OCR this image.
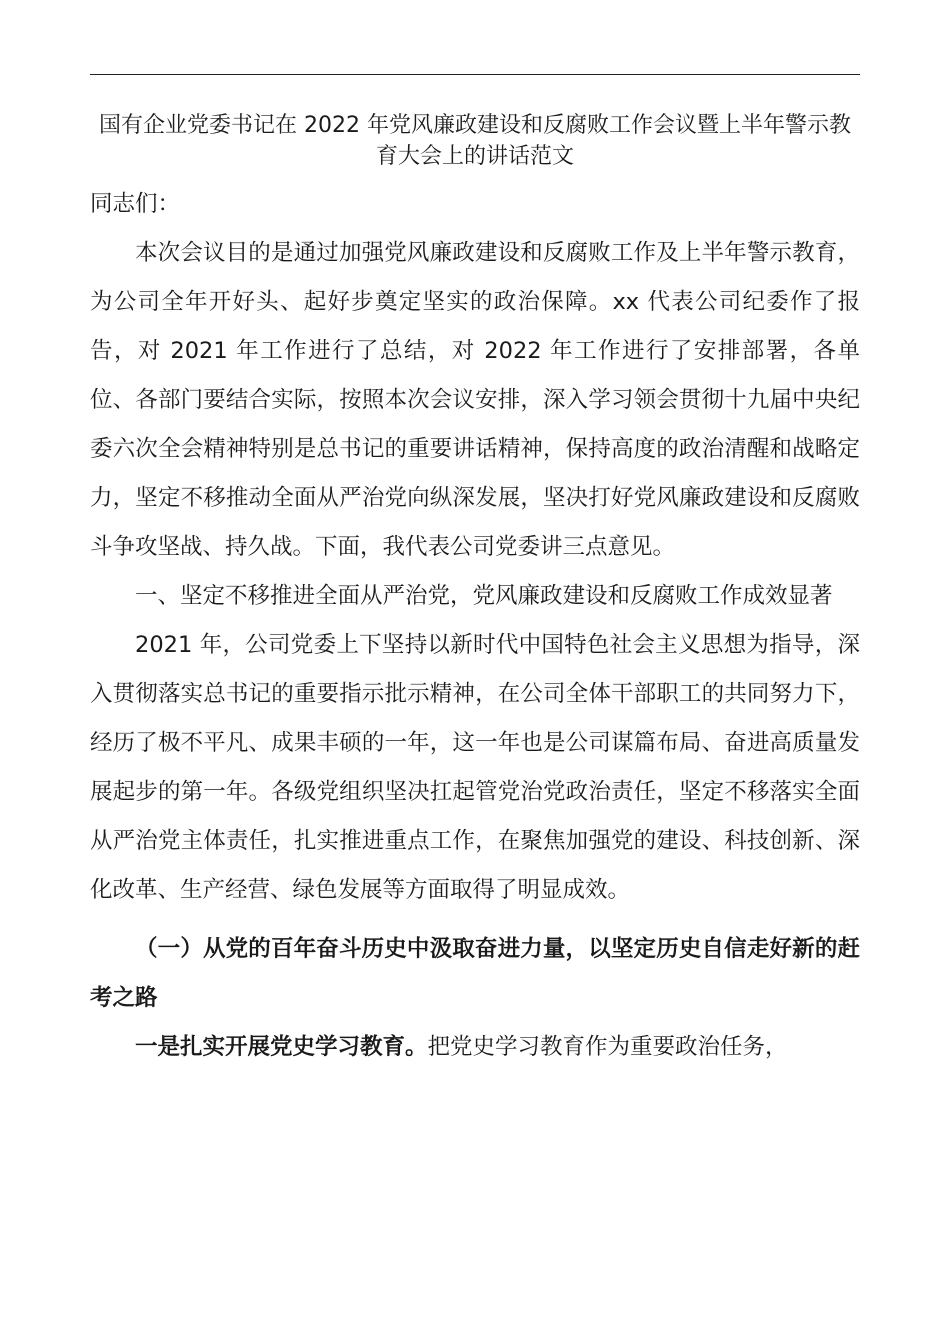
国有企业党委书记在 2022 年党风廉政建设和反腐败工作会议暨上半年警示教育大会上的讲话范文

同志们：

本次会议目的是通过加强党风廉政建设和反腐败工作及上半年警示教育，为公司全年开好头、起好步奠定坚实的政治保障。xx 代表公司纪委作了报告，对 2021 年工作进行了总结，对 2022 年工作进行了安排部署，各单位、各部门要结合实际，按照本次会议安排，深入学习领会贯彻十九届中央纪委六次全会精神特别是总书记的重要讲话精神，保持高度的政治清醒和战略定力，坚定不移推动全面从严治党向纵深发展，坚决打好党风廉政建设和反腐败斗争攻坚战、持久战。下面，我代表公司党委讲三点意见。

一、坚定不移推进全面从严治党，党风廉政建设和反腐败工作成效显著

2021 年，公司党委上下坚持以新时代中国特色社会主义思想为指导，深入贯彻落实总书记的重要指示批示精神，在公司全体干部职工的共同努力下，经历了极不平凡、成果丰硕的一年，这一年也是公司谋篇布局、奋进高质量发展起步的第一年。各级党组织坚决扛起管党治党政治责任，坚定不移落实全面从严治党主体责任，扎实推进重点工作，在聚焦加强党的建设、科技创新、深化改革、生产经营、绿色发展等方面取得了明显成效。

（一）从党的百年奋斗历史中汲取奋进力量，以坚定历史自信走好新的赶考之路

一是扎实开展党史学习教育。把党史学习教育作为重要政治任务，
